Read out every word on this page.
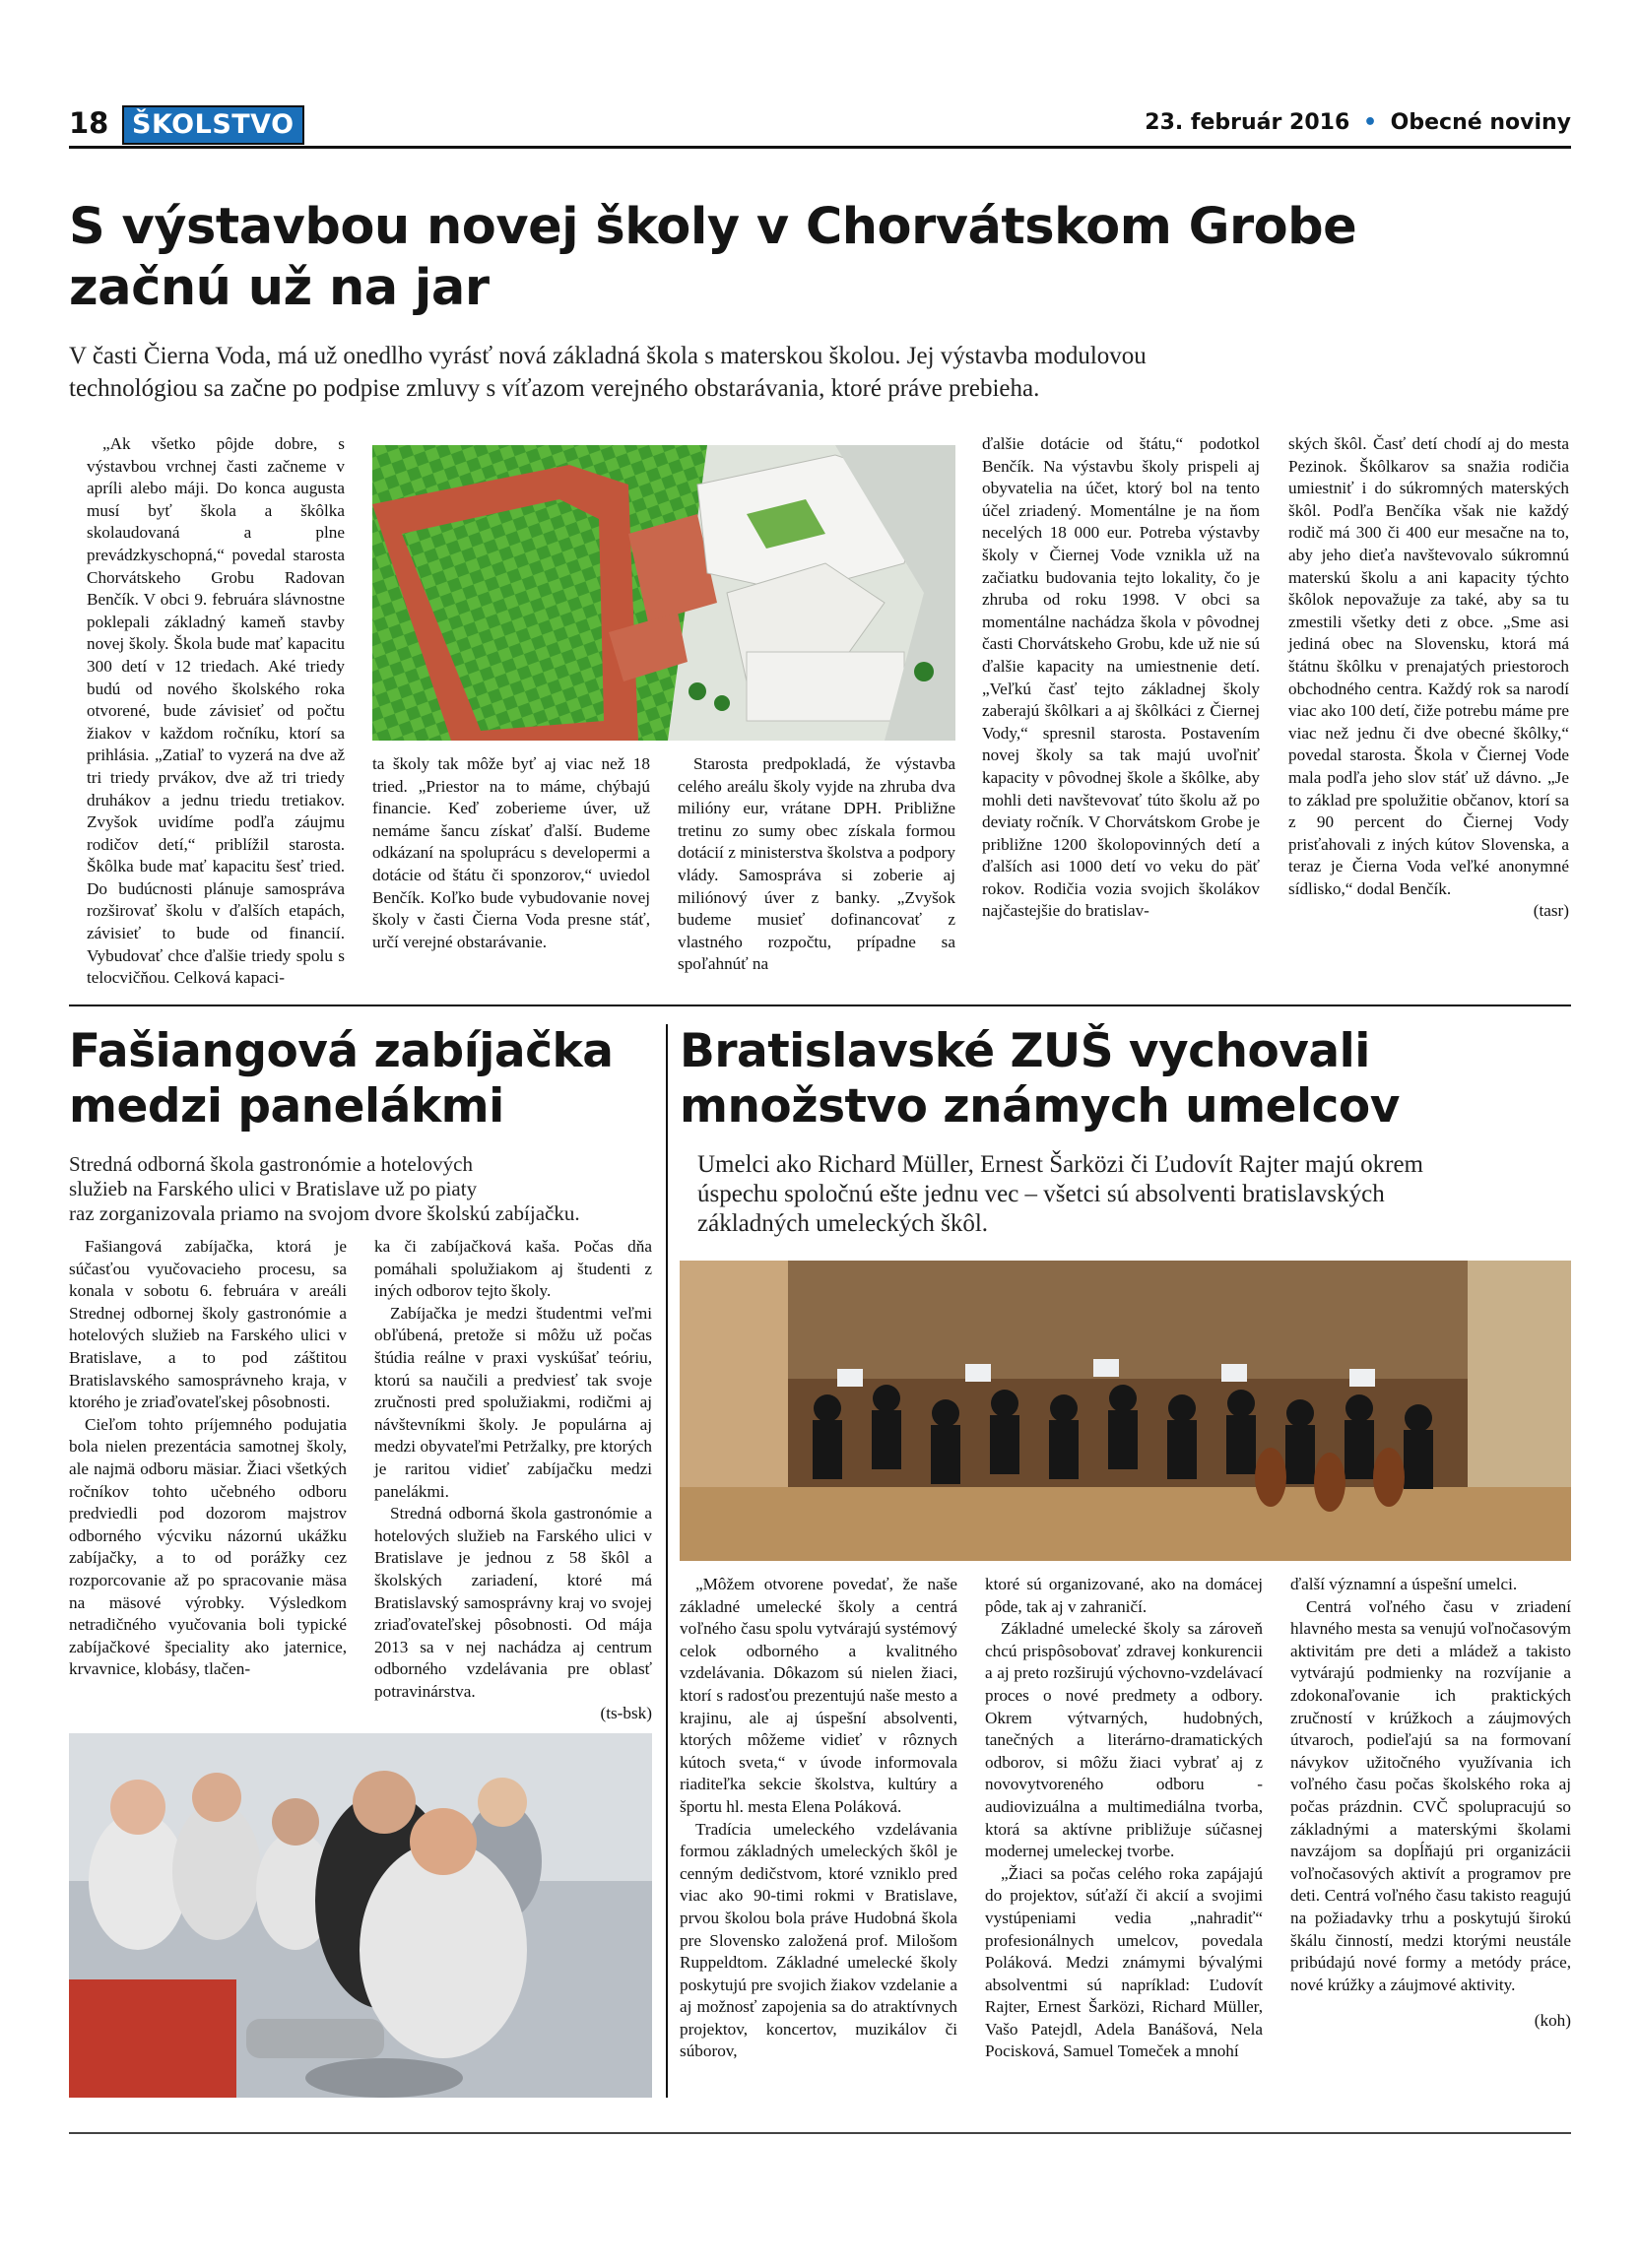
18 ŠKOLSTVO	23. február 2016 • Obecné noviny
S výstavbou novej školy v Chorvátskom Grobe
začnú už na jar
V časti Čierna Voda, má už onedlho vyrásť nová základná škola s materskou školou. Jej výstavba modulovou
technológiou sa začne po podpise zmluvy s víťazom verejného obstarávania, ktoré práve prebieha.

„Ak všetko pôjde dobre, s výstavbou vrchnej časti začneme v apríli alebo máji. Do konca augusta musí byť škola a škôlka skolaudovaná a plne prevádzkyschopná,“ povedal starosta Chorvátskeho Grobu Radovan Benčík. V obci 9. februára slávnostne poklepali základný kameň stavby novej školy. Škola bude mať kapacitu 300 detí v 12 triedach. Aké triedy budú od nového školského roka otvorené, bude závisieť od počtu žiakov v každom ročníku, ktorí sa prihlásia. „Zatiaľ to vyzerá na dve až tri triedy prvákov, dve až tri triedy druhákov a jednu triedu tretiakov. Zvyšok uvidíme podľa záujmu rodičov detí,“ priblížil starosta. Škôlka bude mať kapacitu šesť tried. Do budúcnosti plánuje samospráva rozširovať školu v ďalších etapách, závisieť to bude od financií. Vybudovať chce ďalšie triedy spolu s telocvičňou. Celková kapaci-

ta školy tak môže byť aj viac než 18 tried. „Priestor na to máme, chýbajú financie. Keď zoberieme úver, už nemáme šancu získať ďalší. Budeme odkázaní na spoluprácu s developermi a dotácie od štátu či sponzorov,“ uviedol Benčík. Koľko bude vybudovanie novej školy v časti Čierna Voda presne stáť, určí verejné obstarávanie.

Starosta predpokladá, že výstavba celého areálu školy vyjde na zhruba dva milióny eur, vrátane DPH. Približne tretinu zo sumy obec získala formou dotácií z ministerstva školstva a podpory vlády. Samospráva si zoberie aj miliónový úver z banky. „Zvyšok budeme musieť dofinancovať z vlastného rozpočtu, prípadne sa spoľahnúť na

ďalšie dotácie od štátu,“ podotkol Benčík. Na výstavbu školy prispeli aj obyvatelia na účet, ktorý bol na tento účel zriadený. Momentálne je na ňom necelých 18 000 eur. Potreba výstavby školy v Čiernej Vode vznikla už na začiatku budovania tejto lokality, čo je zhruba od roku 1998. V obci sa momentálne nachádza škola v pôvodnej časti Chorvátskeho Grobu, kde už nie sú ďalšie kapacity na umiestnenie detí. „Veľkú časť tejto základnej školy zaberajú škôlkari a aj škôlkáci z Čiernej Vody,“ spresnil starosta. Postavením novej školy sa tak majú uvoľniť kapacity v pôvodnej škole a škôlke, aby mohli deti navštevovať túto školu až po deviaty ročník. V Chorvátskom Grobe je približne 1200 školopovinných detí a ďalších asi 1000 detí vo veku do päť rokov. Rodičia vozia svojich školákov najčastejšie do bratislav-

ských škôl. Časť detí chodí aj do mesta Pezinok. Škôlkarov sa snažia rodičia umiestniť i do súkromných materských škôl. Podľa Benčíka však nie každý rodič má 300 či 400 eur mesačne na to, aby jeho dieťa navštevovalo súkromnú materskú školu a ani kapacity týchto škôlok nepovažuje za také, aby sa tu zmestili všetky deti z obce. „Sme asi jediná obec na Slovensku, ktorá má štátnu škôlku v prenajatých priestoroch obchodného centra. Každý rok sa narodí viac ako 100 detí, čiže potrebu máme pre viac než jednu či dve obecné škôlky,“ povedal starosta. Škola v Čiernej Vode mala podľa jeho slov stáť už dávno. „Je to základ pre spolužitie občanov, ktorí sa z 90 percent do Čiernej Vody prisťahovali z iných kútov Slovenska, a teraz je Čierna Voda veľké anonymné sídlisko,“ dodal Benčík.

(tasr)
Fašiangová zabíjačka
medzi panelákmi
Stredná odborná škola gastronómie a hotelových
služieb na Farského ulici v Bratislave už po piaty
raz zorganizovala priamo na svojom dvore školskú zabíjačku.

Fašiangová zabíjačka, ktorá je súčasťou vyučovacieho procesu, sa konala v sobotu 6. februára v areáli Strednej odbornej školy gastronómie a hotelových služieb na Farského ulici v Bratislave, a to pod záštitou Bratislavského samosprávneho kraja, v ktorého je zriaďovateľskej pôsobnosti.

Cieľom tohto príjemného podujatia bola nielen prezentácia samotnej školy, ale najmä odboru mäsiar. Žiaci všetkých ročníkov tohto učebného odboru predviedli pod dozorom majstrov odborného výcviku názornú ukážku zabíjačky, a to od porážky cez rozporcovanie až po spracovanie mäsa na mäsové výrobky. Výsledkom netradičného vyučovania boli typické zabíjačkové špeciality ako jaternice, krvavnice, klobásy, tlačen-

ka či zabíjačková kaša. Počas dňa pomáhali spolužiakom aj študenti z iných odborov tejto školy.

Zabíjačka je medzi študentmi veľmi obľúbená, pretože si môžu už počas štúdia reálne v praxi vyskúšať teóriu, ktorú sa naučili a predviesť tak svoje zručnosti pred spolužiakmi, rodičmi aj návštevníkmi školy. Je populárna aj medzi obyvateľmi Petržalky, pre ktorých je raritou vidieť zabíjačku medzi panelákmi.

Stredná odborná škola gastronómie a hotelových služieb na Farského ulici v Bratislave je jednou z 58 škôl a školských zariadení, ktoré má Bratislavský samosprávny kraj vo svojej zriaďovateľskej pôsobnosti. Od mája 2013 sa v nej nachádza aj centrum odborného vzdelávania pre oblasť potravinárstva.

(ts-bsk)
Bratislavské ZUŠ vychovali
množstvo známych umelcov
Umelci ako Richard Müller, Ernest Šarközi či Ľudovít Rajter majú okrem
úspechu spoločnú ešte jednu vec – všetci sú absolventi bratislavských
základných umeleckých škôl.

„Môžem otvorene povedať, že naše základné umelecké školy a centrá voľného času spolu vytvárajú systémový celok odborného a kvalitného vzdelávania. Dôkazom sú nielen žiaci, ktorí s radosťou prezentujú naše mesto a krajinu, ale aj úspešní absolventi, ktorých môžeme vidieť v rôznych kútoch sveta,“ v úvode informovala riaditeľka sekcie školstva, kultúry a športu hl. mesta Elena Poláková.

Tradícia umeleckého vzdelávania formou základných umeleckých škôl je cenným dedičstvom, ktoré vzniklo pred viac ako 90-timi rokmi v Bratislave, prvou školou bola práve Hudobná škola pre Slovensko založená prof. Milošom Ruppeldtom. Základné umelecké školy poskytujú pre svojich žiakov vzdelanie a aj možnosť zapojenia sa do atraktívnych projektov, koncertov, muzikálov či súborov,

ktoré sú organizované, ako na domácej pôde, tak aj v zahraničí.

Základné umelecké školy sa zároveň chcú prispôsobovať zdravej konkurencii a aj preto rozširujú výchovno-vzdelávací proces o nové predmety a odbory. Okrem výtvarných, hudobných, tanečných a literárno-dramatických odborov, si môžu žiaci vybrať aj z novovytvoreného odboru - audiovizuálna a multimediálna tvorba, ktorá sa aktívne približuje súčasnej modernej umeleckej tvorbe.

„Žiaci sa počas celého roka zapájajú do projektov, súťaží či akcií a svojimi vystúpeniami vedia „nahradiť“ profesionálnych umelcov, povedala Poláková. Medzi známymi bývalými absolventmi sú napríklad: Ľudovít Rajter, Ernest Šarközi, Richard Müller, Vašo Patejdl, Adela Banášová, Nela Pocisková, Samuel Tomeček a mnohí

ďalší významní a úspešní umelci.

Centrá voľného času v zriadení hlavného mesta sa venujú voľnočasovým aktivitám pre deti a mládež a takisto vytvárajú podmienky na rozvíjanie a zdokonaľovanie ich praktických zručností v krúžkoch a záujmových útvaroch, podieľajú sa na formovaní návykov užitočného využívania ich voľného času počas školského roka aj počas prázdnin. CVČ spolupracujú so základnými a materskými školami navzájom sa dopĺňajú pri organizácii voľnočasových aktivít a programov pre deti. Centrá voľného času takisto reagujú na požiadavky trhu a poskytujú širokú škálu činností, medzi ktorými neustále pribúdajú nové formy a metódy práce, nové krúžky a záujmové aktivity.

(koh)
